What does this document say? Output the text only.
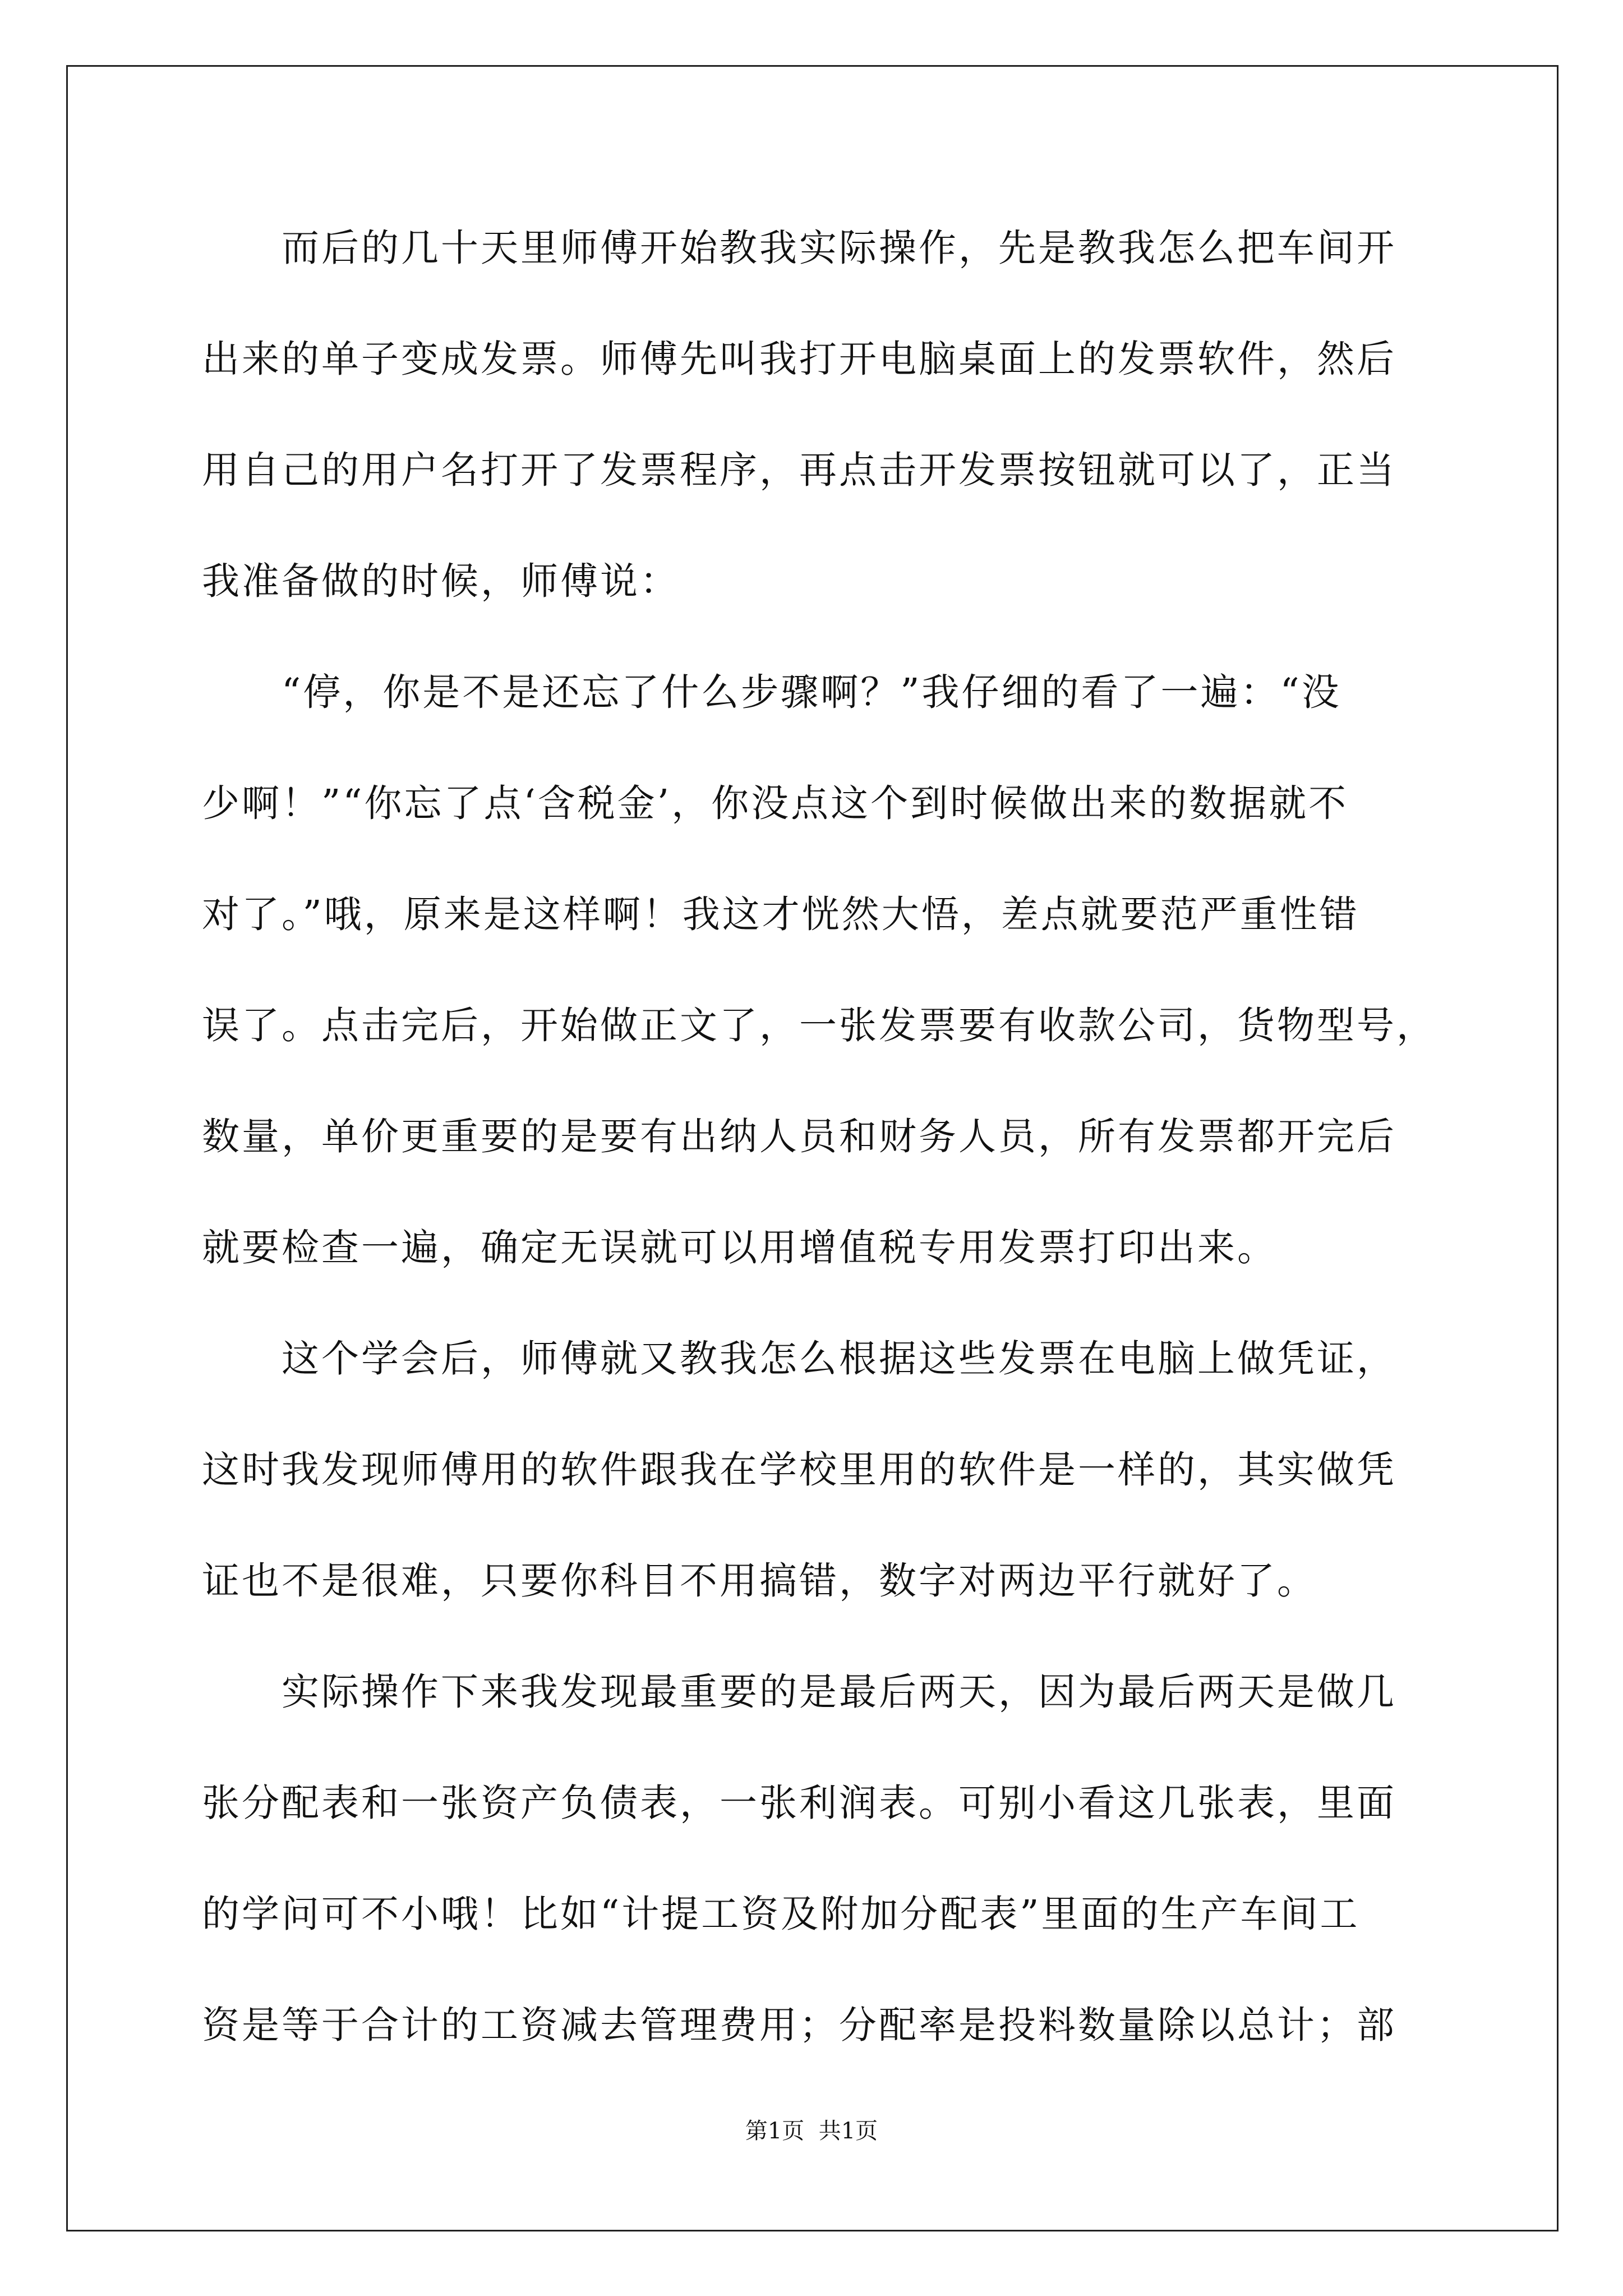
　　而后的几十天里师傅开始教我实际操作，先是教我怎么把车间开
出来的单子变成发票。师傅先叫我打开电脑桌面上的发票软件，然后
用自己的用户名打开了发票程序，再点击开发票按钮就可以了，正当
我准备做的时候，师傅说：
　　“停，你是不是还忘了什么步骤啊？”我仔细的看了一遍：“没
少啊！”“你忘了点‘含税金’，你没点这个到时候做出来的数据就不
对了。”哦，原来是这样啊！我这才恍然大悟，差点就要范严重性错
误了。点击完后，开始做正文了，一张发票要有收款公司，货物型号，
数量，单价更重要的是要有出纳人员和财务人员，所有发票都开完后
就要检查一遍，确定无误就可以用增值税专用发票打印出来。
　　这个学会后，师傅就又教我怎么根据这些发票在电脑上做凭证，
这时我发现师傅用的软件跟我在学校里用的软件是一样的，其实做凭
证也不是很难，只要你科目不用搞错，数字对两边平行就好了。
　　实际操作下来我发现最重要的是最后两天，因为最后两天是做几
张分配表和一张资产负债表，一张利润表。可别小看这几张表，里面
的学问可不小哦！比如“计提工资及附加分配表”里面的生产车间工
资是等于合计的工资减去管理费用；分配率是投料数量除以总计；部
第1页  共1页
